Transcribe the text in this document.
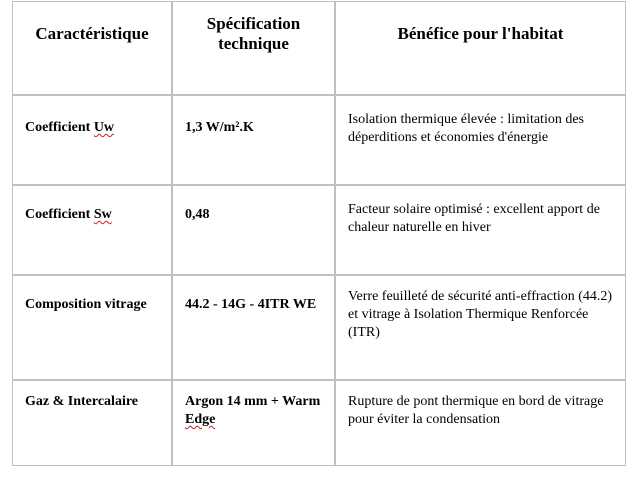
Caractéristique	Spécification technique	Bénéfice pour l'habitat

Coefficient Uw	1,3 W/m².K	Isolation thermique élevée : limitation des déperditions et économies d'énergie

Coefficient Sw	0,48	Facteur solaire optimisé : excellent apport de chaleur naturelle en hiver

Composition vitrage	44.2 - 14G - 4ITR WE	Verre feuilleté de sécurité anti-effraction (44.2) et vitrage à Isolation Thermique Renforcée (ITR)

Gaz & Intercalaire	Argon 14 mm + Warm Edge	Rupture de pont thermique en bord de vitrage pour éviter la condensation
